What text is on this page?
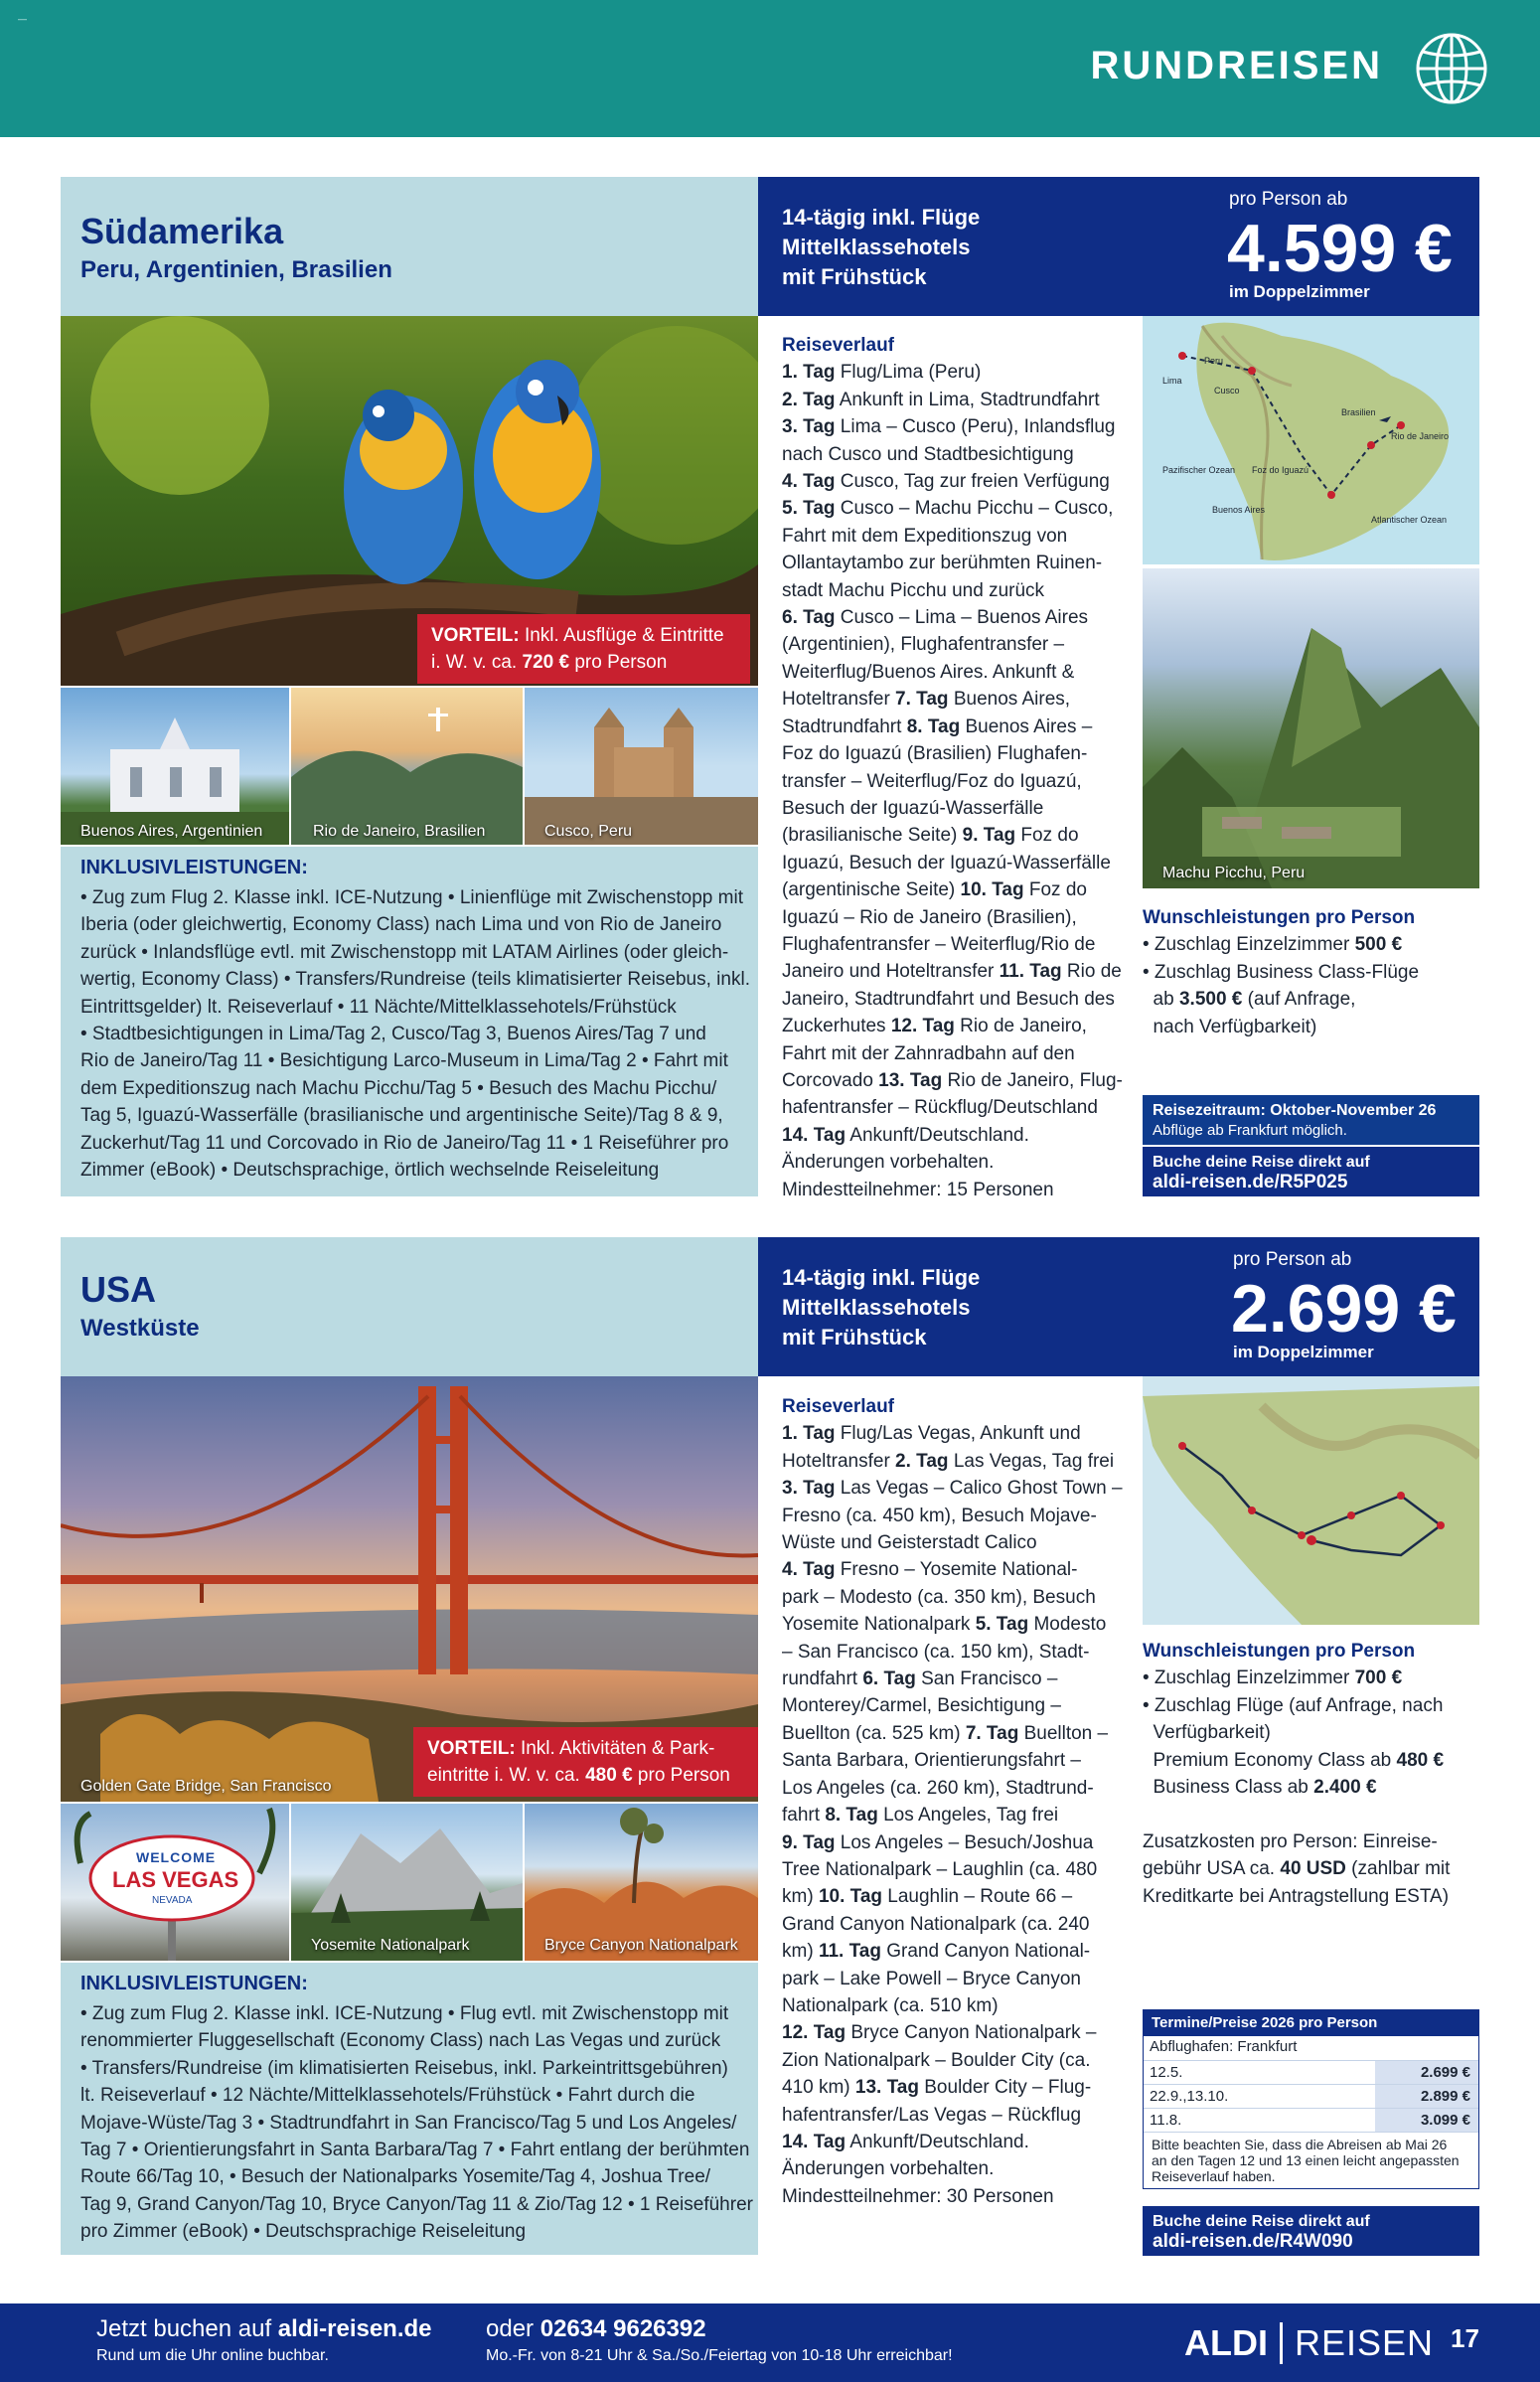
—
RUNDREISEN
Südamerika
Peru, Argentinien, Brasilien
14-tägig inkl. Flüge
Mittelklassehotels
mit Frühstück
pro Person ab
4.599 €
im Doppelzimmer
VORTEIL: Inkl. Ausflüge & Eintritte
i. W. v. ca. 720 € pro Person
Buenos Aires, Argentinien	Rio de Janeiro, Brasilien	Cusco, Peru
INKLUSIVLEISTUNGEN:
• Zug zum Flug 2. Klasse inkl. ICE-Nutzung • Linienflüge mit Zwischenstopp mit
Iberia (oder gleichwertig, Economy Class) nach Lima und von Rio de Janeiro
zurück • Inlandsflüge evtl. mit Zwischenstopp mit LATAM Airlines (oder gleich-
wertig, Economy Class) • Transfers/Rundreise (teils klimatisierter Reisebus, inkl.
Eintrittsgelder) lt. Reiseverlauf • 11 Nächte/Mittelklassehotels/Frühstück
• Stadtbesichtigungen in Lima/Tag 2, Cusco/Tag 3, Buenos Aires/Tag 7 und
Rio de Janeiro/Tag 11 • Besichtigung Larco-Museum in Lima/Tag 2 • Fahrt mit
dem Expeditionszug nach Machu Picchu/Tag 5 • Besuch des Machu Picchu/
Tag 5, Iguazú-Wasserfälle (brasilianische und argentinische Seite)/Tag 8 & 9,
Zuckerhut/Tag 11 und Corcovado in Rio de Janeiro/Tag 11 • 1 Reiseführer pro
Zimmer (eBook) • Deutschsprachige, örtlich wechselnde Reiseleitung
Reiseverlauf
1. Tag Flug/Lima (Peru)
2. Tag Ankunft in Lima, Stadtrundfahrt
3. Tag Lima – Cusco (Peru), Inlandsflug
nach Cusco und Stadtbesichtigung
4. Tag Cusco, Tag zur freien Verfügung
5. Tag Cusco – Machu Picchu – Cusco,
Fahrt mit dem Expeditionszug von
Ollantaytambo zur berühmten Ruinen-
stadt Machu Picchu und zurück
6. Tag Cusco – Lima – Buenos Aires
(Argentinien), Flughafentransfer –
Weiterflug/Buenos Aires. Ankunft &
Hoteltransfer 7. Tag Buenos Aires,
Stadtrundfahrt 8. Tag Buenos Aires –
Foz do Iguazú (Brasilien) Flughafen-
transfer – Weiterflug/Foz do Iguazú,
Besuch der Iguazú-Wasserfälle
(brasilianische Seite) 9. Tag Foz do
Iguazú, Besuch der Iguazú-Wasserfälle
(argentinische Seite) 10. Tag Foz do
Iguazú – Rio de Janeiro (Brasilien),
Flughafentransfer – Weiterflug/Rio de
Janeiro und Hoteltransfer 11. Tag Rio de
Janeiro, Stadtrundfahrt und Besuch des
Zuckerhutes 12. Tag Rio de Janeiro,
Fahrt mit der Zahnradbahn auf den
Corcovado 13. Tag Rio de Janeiro, Flug-
hafentransfer – Rückflug/Deutschland
14. Tag Ankunft/Deutschland.
Änderungen vorbehalten.
Mindestteilnehmer: 15 Personen
Peru
Lima
Cusco
Brasilien
Pazifischer Ozean Foz do Iguazú
Rio de Janeiro
Buenos Aires
Atlantischer Ozean
Machu Picchu, Peru
Wunschleistungen pro Person
• Zuschlag Einzelzimmer 500 €
• Zuschlag Business Class-Flüge
ab 3.500 € (auf Anfrage,
nach Verfügbarkeit)
Reisezeitraum: Oktober-November 26
Abflüge ab Frankfurt möglich.
Buche deine Reise direkt auf
aldi-reisen.de/R5P025
USA
Westküste
14-tägig inkl. Flüge
Mittelklassehotels
mit Frühstück
pro Person ab
2.699 €
im Doppelzimmer
Golden Gate Bridge, San Francisco
VORTEIL: Inkl. Aktivitäten & Park-
eintritte i. W. v. ca. 480 € pro Person
WELCOME
LAS VEGAS
NEVADA
Yosemite Nationalpark	Bryce Canyon Nationalpark
INKLUSIVLEISTUNGEN:
• Zug zum Flug 2. Klasse inkl. ICE-Nutzung • Flug evtl. mit Zwischenstopp mit
renommierter Fluggesellschaft (Economy Class) nach Las Vegas und zurück
• Transfers/Rundreise (im klimatisierten Reisebus, inkl. Parkeintrittsgebühren)
lt. Reiseverlauf • 12 Nächte/Mittelklassehotels/Frühstück • Fahrt durch die
Mojave-Wüste/Tag 3 • Stadtrundfahrt in San Francisco/Tag 5 und Los Angeles/
Tag 7 • Orientierungsfahrt in Santa Barbara/Tag 7 • Fahrt entlang der berühmten
Route 66/Tag 10, • Besuch der Nationalparks Yosemite/Tag 4, Joshua Tree/
Tag 9, Grand Canyon/Tag 10, Bryce Canyon/Tag 11 & Zio/Tag 12 • 1 Reiseführer
pro Zimmer (eBook) • Deutschsprachige Reiseleitung
Reiseverlauf
1. Tag Flug/Las Vegas, Ankunft und
Hoteltransfer 2. Tag Las Vegas, Tag frei
3. Tag Las Vegas – Calico Ghost Town –
Fresno (ca. 450 km), Besuch Mojave-
Wüste und Geisterstadt Calico
4. Tag Fresno – Yosemite National-
park – Modesto (ca. 350 km), Besuch
Yosemite Nationalpark 5. Tag Modesto
– San Francisco (ca. 150 km), Stadt-
rundfahrt 6. Tag San Francisco –
Monterey/Carmel, Besichtigung –
Buellton (ca. 525 km) 7. Tag Buellton –
Santa Barbara, Orientierungsfahrt –
Los Angeles (ca. 260 km), Stadtrund-
fahrt 8. Tag Los Angeles, Tag frei
9. Tag Los Angeles – Besuch/Joshua
Tree Nationalpark – Laughlin (ca. 480
km) 10. Tag Laughlin – Route 66 –
Grand Canyon Nationalpark (ca. 240
km) 11. Tag Grand Canyon National-
park – Lake Powell – Bryce Canyon
Nationalpark (ca. 510 km)
12. Tag Bryce Canyon Nationalpark –
Zion Nationalpark – Boulder City (ca.
410 km) 13. Tag Boulder City – Flug-
hafentransfer/Las Vegas – Rückflug
14. Tag Ankunft/Deutschland.
Änderungen vorbehalten.
Mindestteilnehmer: 30 Personen
Wunschleistungen pro Person
• Zuschlag Einzelzimmer 700 €
• Zuschlag Flüge (auf Anfrage, nach
Verfügbarkeit)
Premium Economy Class ab 480 €
Business Class ab 2.400 €
Zusatzkosten pro Person: Einreise-
gebühr USA ca. 40 USD (zahlbar mit
Kreditkarte bei Antragstellung ESTA)
Termine/Preise 2026 pro Person
Abflughafen: Frankfurt
12.5.	2.699 €
22.9.,13.10.	2.899 €
11.8.	3.099 €
Bitte beachten Sie, dass die Abreisen ab Mai 26
an den Tagen 12 und 13 einen leicht angepassten
Reiseverlauf haben.
Buche deine Reise direkt auf
aldi-reisen.de/R4W090
Jetzt buchen auf aldi-reisen.de
Rund um die Uhr online buchbar.
oder 02634 9626392
Mo.-Fr. von 8-21 Uhr & Sa./So./Feiertag von 10-18 Uhr erreichbar!	ALDI REISEN 17
